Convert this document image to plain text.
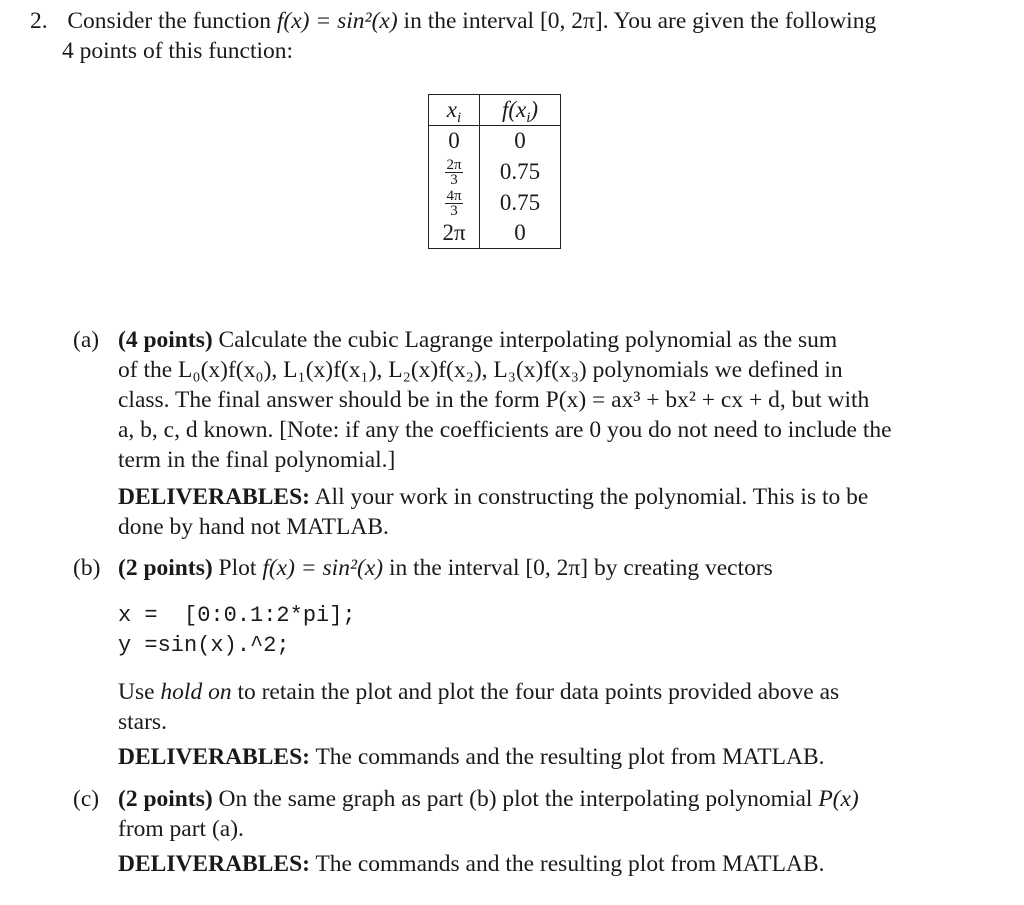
2. Consider the function f(x) = sin²(x) in the interval [0, 2π]. You are given the following
4 points of this function:
$x_i$	$f(x_i)$
0	0

$\frac{2\pi}{3}$	0.75

$\frac{4\pi}{3}$	0.75
2π	0
(a) (4 points) Calculate the cubic Lagrange interpolating polynomial as the sum
of the L₀(x)f(x₀), L₁(x)f(x₁), L₂(x)f(x₂), L₃(x)f(x₃) polynomials we defined in
class. The final answer should be in the form P(x) = ax³ + bx² + cx + d, but with
a, b, c, d known. [Note: if any the coefficients are 0 you do not need to include the
term in the final polynomial.]
DELIVERABLES: All your work in constructing the polynomial. This is to be
done by hand not MATLAB.
(b) (2 points) Plot f(x) = sin²(x) in the interval [0, 2π] by creating vectors
x =  [0:0.1:2*pi];
y =sin(x).^2;
Use hold on to retain the plot and plot the four data points provided above as
stars.
DELIVERABLES: The commands and the resulting plot from MATLAB.
(c) (2 points) On the same graph as part (b) plot the interpolating polynomial P(x)
from part (a).
DELIVERABLES: The commands and the resulting plot from MATLAB.
